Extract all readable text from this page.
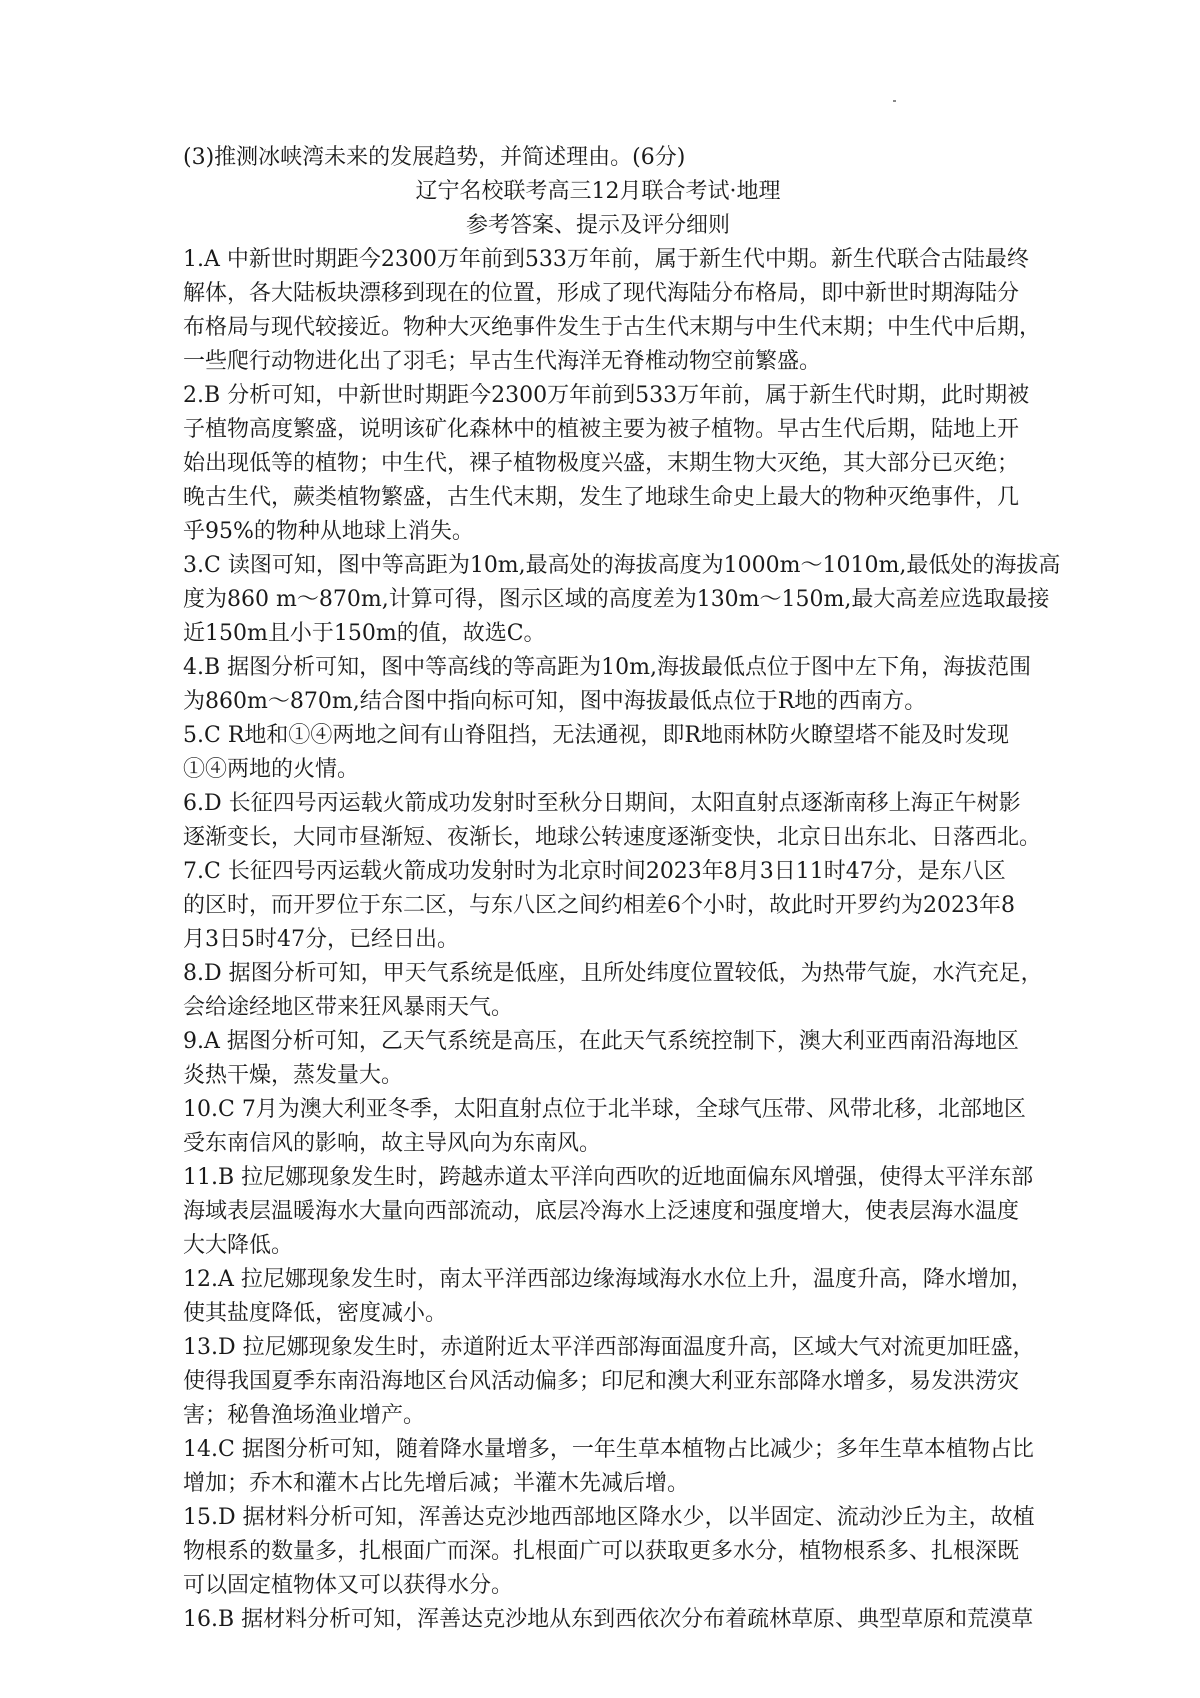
(3)推测冰峡湾未来的发展趋势，并简述理由。(6分)
辽宁名校联考高三12月联合考试·地理
参考答案、提示及评分细则
1.A 中新世时期距今2300万年前到533万年前，属于新生代中期。新生代联合古陆最终
解体，各大陆板块漂移到现在的位置，形成了现代海陆分布格局，即中新世时期海陆分
布格局与现代较接近。物种大灭绝事件发生于古生代末期与中生代末期；中生代中后期，
一些爬行动物进化出了羽毛；早古生代海洋无脊椎动物空前繁盛。
2.B 分析可知，中新世时期距今2300万年前到533万年前，属于新生代时期，此时期被
子植物高度繁盛，说明该矿化森林中的植被主要为被子植物。早古生代后期，陆地上开
始出现低等的植物；中生代，裸子植物极度兴盛，末期生物大灭绝，其大部分已灭绝；
晚古生代，蕨类植物繁盛，古生代末期，发生了地球生命史上最大的物种灭绝事件，几
乎95%的物种从地球上消失。
3.C 读图可知，图中等高距为10m,最高处的海拔高度为1000m～1010m,最低处的海拔高
度为860 m～870m,计算可得，图示区域的高度差为130m～150m,最大高差应选取最接
近150m且小于150m的值，故选C。
4.B 据图分析可知，图中等高线的等高距为10m,海拔最低点位于图中左下角，海拔范围
为860m～870m,结合图中指向标可知，图中海拔最低点位于R地的西南方。
5.C R地和①④两地之间有山脊阻挡，无法通视，即R地雨林防火瞭望塔不能及时发现
①④两地的火情。
6.D 长征四号丙运载火箭成功发射时至秋分日期间，太阳直射点逐渐南移上海正午树影
逐渐变长，大同市昼渐短、夜渐长，地球公转速度逐渐变快，北京日出东北、日落西北。
7.C 长征四号丙运载火箭成功发射时为北京时间2023年8月3日11时47分，是东八区
的区时，而开罗位于东二区，与东八区之间约相差6个小时，故此时开罗约为2023年8
月3日5时47分，已经日出。
8.D 据图分析可知，甲天气系统是低座，且所处纬度位置较低，为热带气旋，水汽充足，
会给途经地区带来狂风暴雨天气。
9.A 据图分析可知，乙天气系统是高压，在此天气系统控制下，澳大利亚西南沿海地区
炎热干燥，蒸发量大。
10.C 7月为澳大利亚冬季，太阳直射点位于北半球，全球气压带、风带北移，北部地区
受东南信风的影响，故主导风向为东南风。
11.B 拉尼娜现象发生时，跨越赤道太平洋向西吹的近地面偏东风增强，使得太平洋东部
海域表层温暖海水大量向西部流动，底层冷海水上泛速度和强度增大，使表层海水温度
大大降低。
12.A 拉尼娜现象发生时，南太平洋西部边缘海域海水水位上升，温度升高，降水增加，
使其盐度降低，密度减小。
13.D 拉尼娜现象发生时，赤道附近太平洋西部海面温度升高，区域大气对流更加旺盛，
使得我国夏季东南沿海地区台风活动偏多；印尼和澳大利亚东部降水增多，易发洪涝灾
害；秘鲁渔场渔业增产。
14.C 据图分析可知，随着降水量增多，一年生草本植物占比减少；多年生草本植物占比
增加；乔木和灌木占比先增后减；半灌木先减后增。
15.D 据材料分析可知，浑善达克沙地西部地区降水少，以半固定、流动沙丘为主，故植
物根系的数量多，扎根面广而深。扎根面广可以获取更多水分，植物根系多、扎根深既
可以固定植物体又可以获得水分。
16.B 据材料分析可知，浑善达克沙地从东到西依次分布着疏林草原、典型草原和荒漠草
